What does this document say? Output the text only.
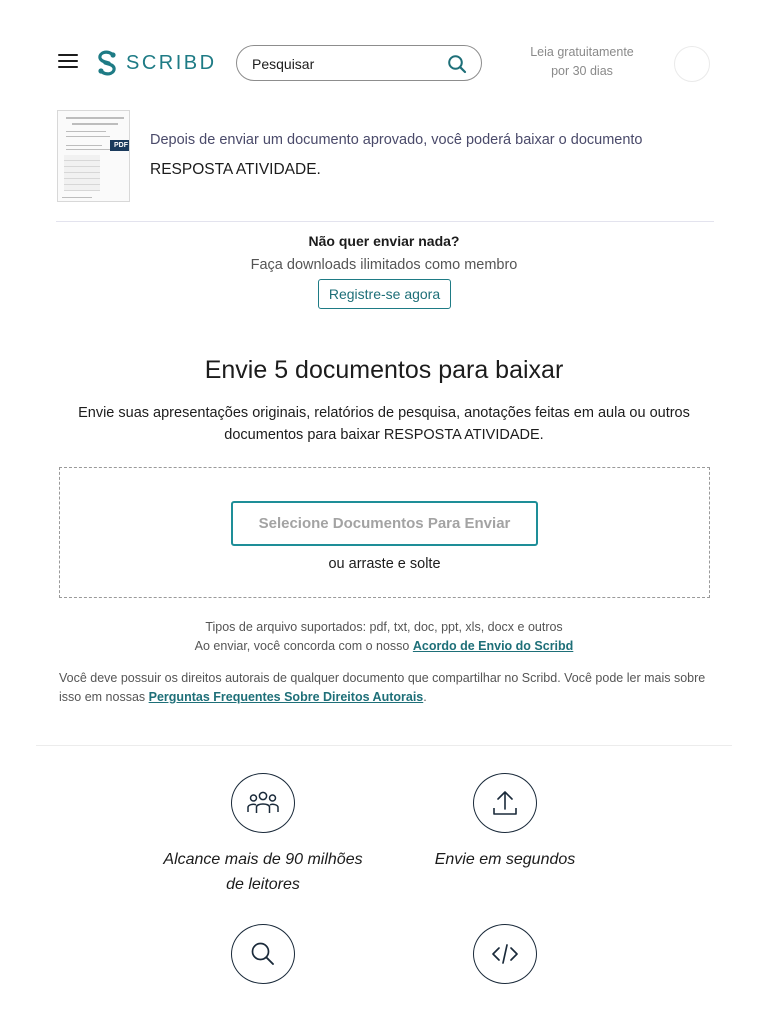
SCRIBD
Pesquisar	Leia gratuitamente
por 30 dias
PDF Depois de enviar um documento aprovado, você poderá baixar o documento
RESPOSTA ATIVIDADE.
Não quer enviar nada?
Faça downloads ilimitados como membro
Registre-se agora
Envie 5 documentos para baixar
Envie suas apresentações originais, relatórios de pesquisa, anotações feitas em aula ou outros documentos para baixar RESPOSTA ATIVIDADE.
Selecione Documentos Para Enviar
ou arraste e solte
Tipos de arquivo suportados: pdf, txt, doc, ppt, xls, docx e outros
Ao enviar, você concorda com o nosso Acordo de Envio do Scribd
Você deve possuir os direitos autorais de qualquer documento que compartilhar no Scribd. Você pode ler mais sobre isso em nossas Perguntas Frequentes Sobre Direitos Autorais.
Alcance mais de 90 milhões de leitores
Envie em segundos
